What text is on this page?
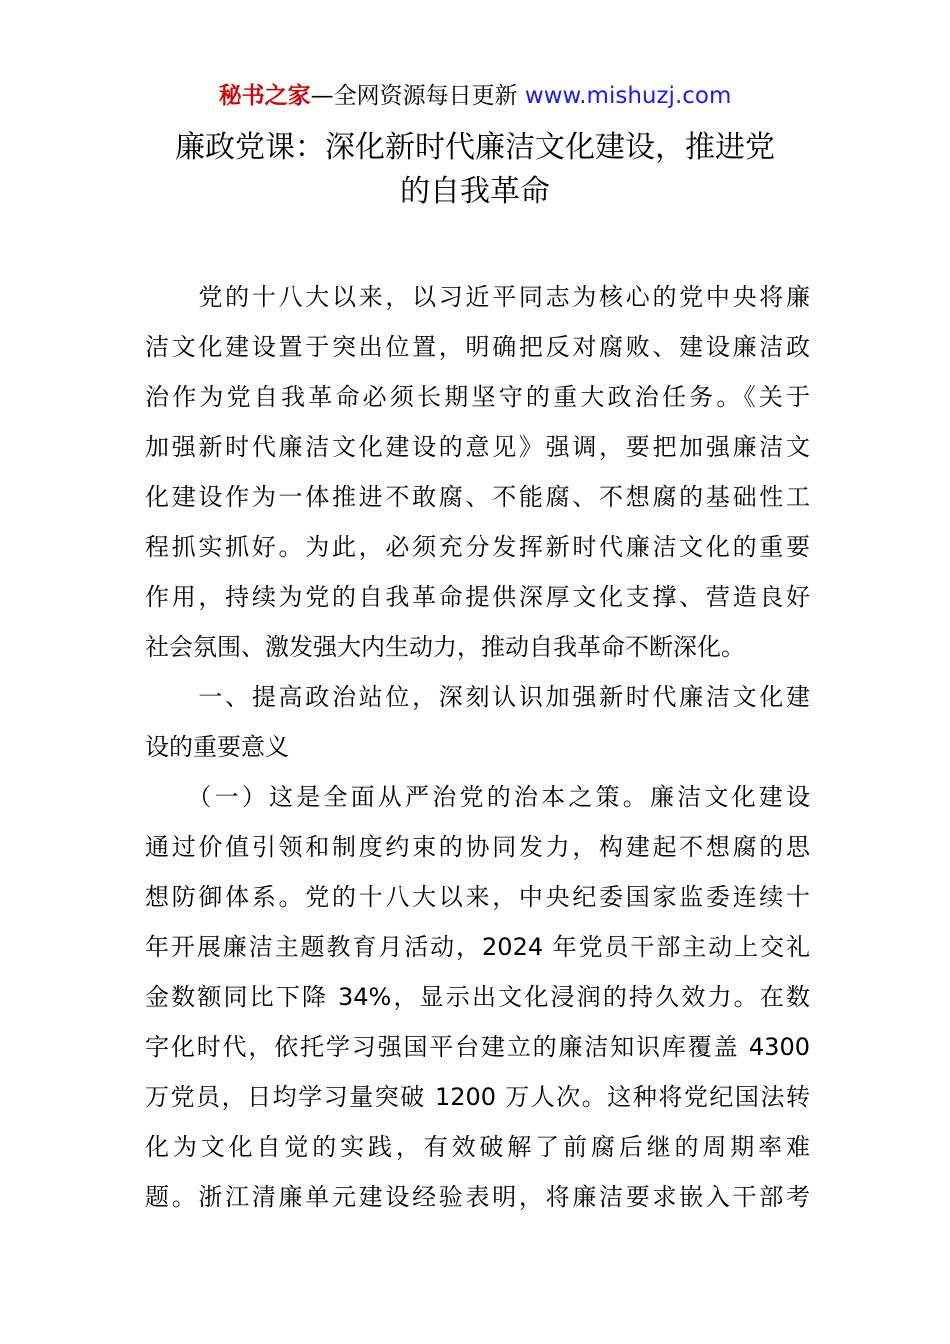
秘书之家—全网资源每日更新 www.mishuzj.com
廉政党课：深化新时代廉洁文化建设，推进党
的自我革命
　　党的十八大以来，以习近平同志为核心的党中央将廉
洁文化建设置于突出位置，明确把反对腐败、建设廉洁政
治作为党自我革命必须长期坚守的重大政治任务。《关于
加强新时代廉洁文化建设的意见》强调，要把加强廉洁文
化建设作为一体推进不敢腐、不能腐、不想腐的基础性工
程抓实抓好。为此，必须充分发挥新时代廉洁文化的重要
作用，持续为党的自我革命提供深厚文化支撑、营造良好
社会氛围、激发强大内生动力，推动自我革命不断深化。
　　一、提高政治站位，深刻认识加强新时代廉洁文化建
设的重要意义
　　（一）这是全面从严治党的治本之策。廉洁文化建设
通过价值引领和制度约束的协同发力，构建起不想腐的思
想防御体系。党的十八大以来，中央纪委国家监委连续十
年开展廉洁主题教育月活动，2024 年党员干部主动上交礼
金数额同比下降 34%，显示出文化浸润的持久效力。在数
字化时代，依托学习强国平台建立的廉洁知识库覆盖 4300
万党员，日均学习量突破 1200 万人次。这种将党纪国法转
化为文化自觉的实践，有效破解了前腐后继的周期率难
题。浙江清廉单元建设经验表明，将廉洁要求嵌入干部考
